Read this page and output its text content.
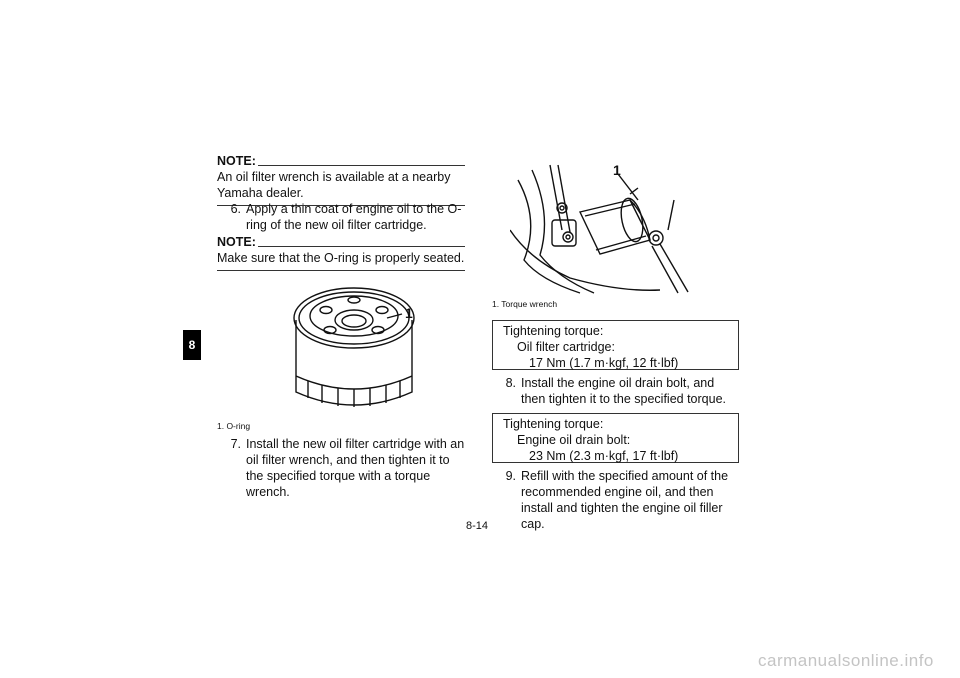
8
NOTE:
An oil filter wrench is available at a nearby Yamaha dealer.
6. Apply a thin coat of engine oil to the O-ring of the new oil filter cartridge.
NOTE:
Make sure that the O-ring is properly seated.
1
1. O-ring
7. Install the new oil filter cartridge with an oil filter wrench, and then tighten it to the specified torque with a torque wrench.
1
1. Torque wrench
Tightening torque:
Oil filter cartridge:
17 Nm (1.7 m·kgf, 12 ft·lbf)
8. Install the engine oil drain bolt, and then tighten it to the specified torque.
Tightening torque:
Engine oil drain bolt:
23 Nm (2.3 m·kgf, 17 ft·lbf)
9. Refill with the specified amount of the recommended engine oil, and then install and tighten the engine oil filler cap.
8-14
carmanualsonline.info
